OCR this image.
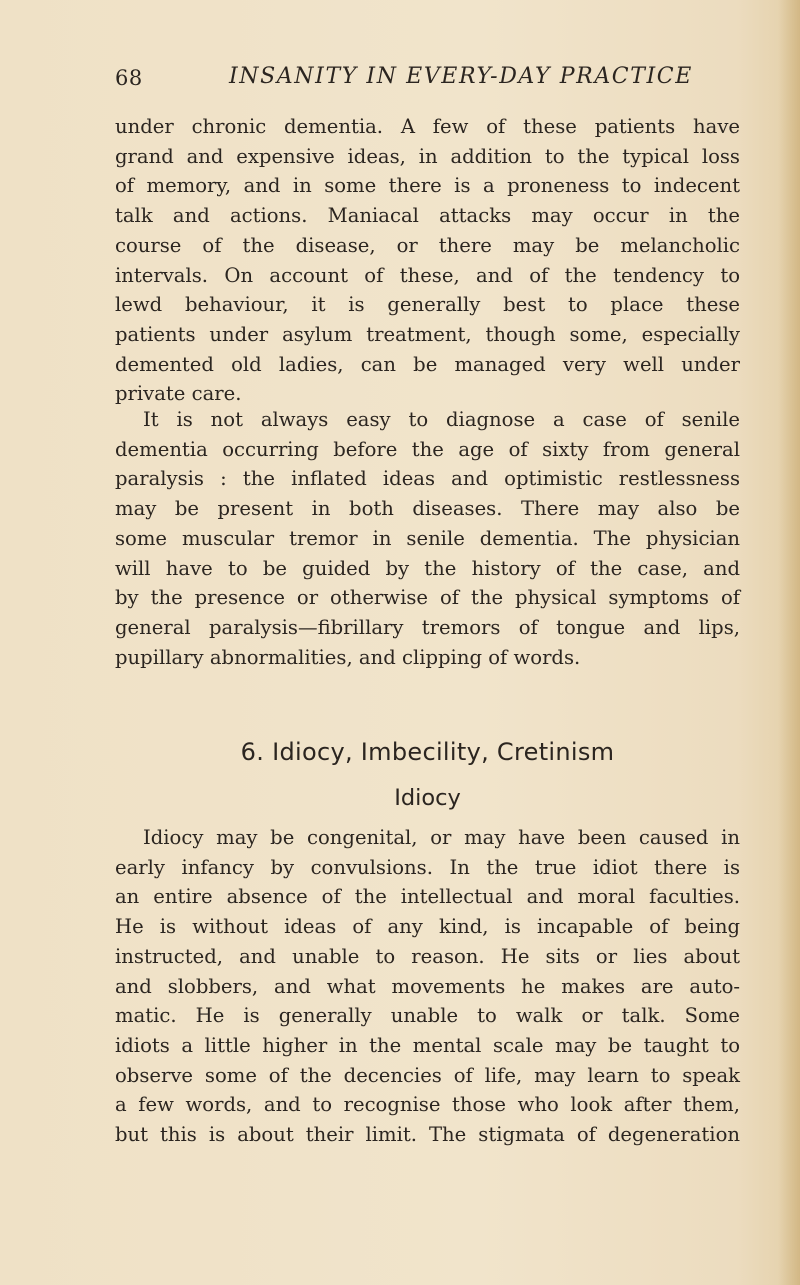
68	INSANITY IN EVERY-DAY PRACTICE
under chronic dementia. A few of these patients have
grand and expensive ideas, in addition to the typical loss
of memory, and in some there is a proneness to indecent
talk and actions. Maniacal attacks may occur in the
course of the disease, or there may be melancholic
intervals. On account of these, and of the tendency to
lewd behaviour, it is generally best to place these
patients under asylum treatment, though some, especially
demented old ladies, can be managed very well under
private care.
It is not always easy to diagnose a case of senile
dementia occurring before the age of sixty from general
paralysis : the inflated ideas and optimistic restlessness
may be present in both diseases. There may also be
some muscular tremor in senile dementia. The physician
will have to be guided by the history of the case, and
by the presence or otherwise of the physical symptoms of
general paralysis—fibrillary tremors of tongue and lips,
pupillary abnormalities, and clipping of words.
6. Idiocy, Imbecility, Cretinism
Idiocy
Idiocy may be congenital, or may have been caused in
early infancy by convulsions. In the true idiot there is
an entire absence of the intellectual and moral faculties.
He is without ideas of any kind, is incapable of being
instructed, and unable to reason. He sits or lies about
and slobbers, and what movements he makes are auto-
matic. He is generally unable to walk or talk. Some
idiots a little higher in the mental scale may be taught to
observe some of the decencies of life, may learn to speak
a few words, and to recognise those who look after them,
but this is about their limit. The stigmata of degeneration
